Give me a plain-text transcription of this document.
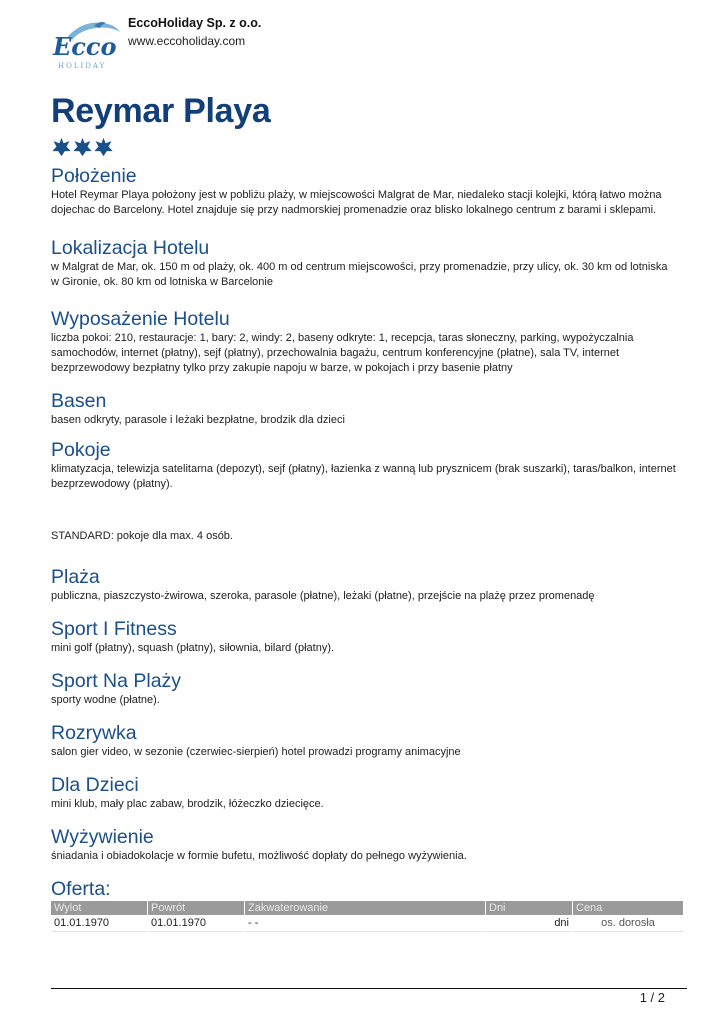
Ecco
HOLIDAY
EccoHoliday Sp. z o.o.
www.eccoholiday.com
Reymar Playa
Położenie

Hotel Reymar Playa położony jest w pobliżu plaży, w miejscowości Malgrat de Mar, niedaleko stacji kolejki, którą łatwo można dojechac do Barcelony. Hotel znajduje się przy nadmorskiej promenadzie oraz blisko lokalnego centrum z barami i sklepami.

Lokalizacja Hotelu

w Malgrat de Mar, ok. 150 m od plaży, ok. 400 m od centrum miejscowości, przy promenadzie, przy ulicy, ok. 30 km od lotniska w Gironie, ok. 80 km od lotniska w Barcelonie

Wyposażenie Hotelu

liczba pokoi: 210, restauracje: 1, bary: 2, windy: 2, baseny odkryte: 1, recepcja, taras słoneczny, parking, wypożyczalnia samochodów, internet (płatny), sejf (płatny), przechowalnia bagażu, centrum konferencyjne (płatne), sala TV, internet bezprzewodowy bezpłatny tylko przy zakupie napoju w barze, w pokojach i przy basenie płatny

Basen

basen odkryty, parasole i leżaki bezpłatne, brodzik dla dzieci

Pokoje

klimatyzacja, telewizja satelitarna (depozyt), sejf (płatny), łazienka z wanną lub prysznicem (brak suszarki), taras/balkon, internet bezprzewodowy (płatny).

STANDARD: pokoje dla max. 4 osób.

Plaża

publiczna, piaszczysto-żwirowa, szeroka, parasole (płatne), leżaki (płatne), przejście na plażę przez promenadę

Sport I Fitness

mini golf (płatny), squash (płatny), siłownia, bilard (płatny).

Sport Na Plaży

sporty wodne (płatne).

Rozrywka

salon gier video, w sezonie (czerwiec-sierpień) hotel prowadzi programy animacyjne

Dla Dzieci

mini klub, mały plac zabaw, brodzik, łóżeczko dziecięce.

Wyżywienie

śniadania i obiadokolacje w formie bufetu, możliwość dopłaty do pełnego wyżywienia.

Oferta:
Wylot	Powrót	Zakwaterowanie	Dni	Cena
01.01.1970	01.01.1970	- -	dni	os. dorosła
1 / 2
